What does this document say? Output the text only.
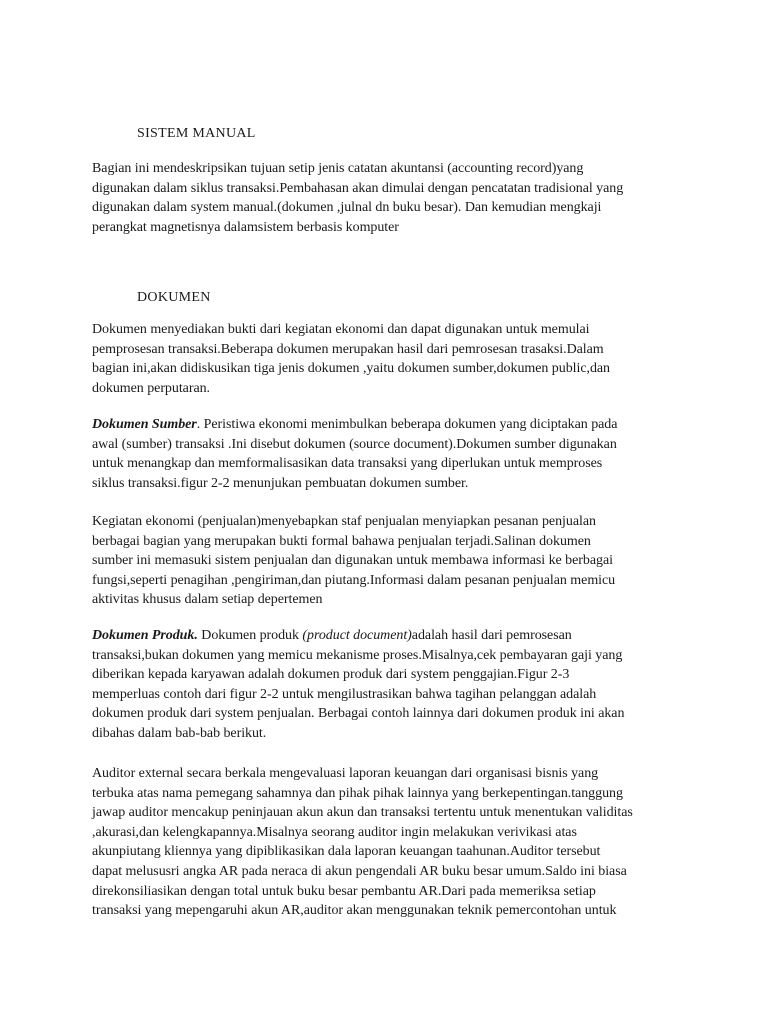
SISTEM MANUAL

Bagian ini mendeskripsikan tujuan setip jenis catatan akuntansi (accounting record)yang
digunakan dalam siklus transaksi.Pembahasan akan dimulai dengan pencatatan tradisional yang
digunakan dalam system manual.(dokumen ,julnal dn buku besar). Dan kemudian mengkaji
perangkat magnetisnya dalamsistem berbasis komputer

DOKUMEN

Dokumen menyediakan bukti dari kegiatan ekonomi dan dapat digunakan untuk memulai
pemprosesan transaksi.Beberapa dokumen merupakan hasil dari pemrosesan trasaksi.Dalam
bagian ini,akan didiskusikan tiga jenis dokumen ,yaitu dokumen sumber,dokumen public,dan
dokumen perputaran.

Dokumen Sumber. Peristiwa ekonomi menimbulkan beberapa dokumen yang diciptakan pada
awal (sumber) transaksi .Ini disebut dokumen (source document).Dokumen sumber digunakan
untuk menangkap dan memformalisasikan data transaksi yang diperlukan untuk memproses
siklus transaksi.figur 2-2 menunjukan pembuatan dokumen sumber.

Kegiatan ekonomi (penjualan)menyebapkan staf penjualan menyiapkan pesanan penjualan
berbagai bagian yang merupakan bukti formal bahawa penjualan terjadi.Salinan dokumen
sumber ini memasuki sistem penjualan dan digunakan untuk membawa informasi ke berbagai
fungsi,seperti penagihan ,pengiriman,dan piutang.Informasi dalam pesanan penjualan memicu
aktivitas khusus dalam setiap depertemen

Dokumen Produk. Dokumen produk (product document)adalah hasil dari pemrosesan
transaksi,bukan dokumen yang memicu mekanisme proses.Misalnya,cek pembayaran gaji yang
diberikan kepada karyawan adalah dokumen produk dari system penggajian.Figur 2-3
memperluas contoh dari figur 2-2 untuk mengilustrasikan bahwa tagihan pelanggan adalah
dokumen produk dari system penjualan. Berbagai contoh lainnya dari dokumen produk ini akan
dibahas dalam bab-bab berikut.

Auditor external secara berkala mengevaluasi laporan keuangan dari organisasi bisnis yang
terbuka atas nama pemegang sahamnya dan pihak pihak lainnya yang berkepentingan.tanggung
jawap auditor mencakup peninjauan akun akun dan transaksi tertentu untuk menentukan validitas
,akurasi,dan kelengkapannya.Misalnya seorang auditor ingin melakukan verivikasi atas
akunpiutang kliennya yang dipiblikasikan dala laporan keuangan taahunan.Auditor tersebut
dapat melususri angka AR pada neraca di akun pengendali AR buku besar umum.Saldo ini biasa
direkonsiliasikan dengan total untuk buku besar pembantu AR.Dari pada memeriksa setiap
transaksi yang mepengaruhi akun AR,auditor akan menggunakan teknik pemercontohan untuk
